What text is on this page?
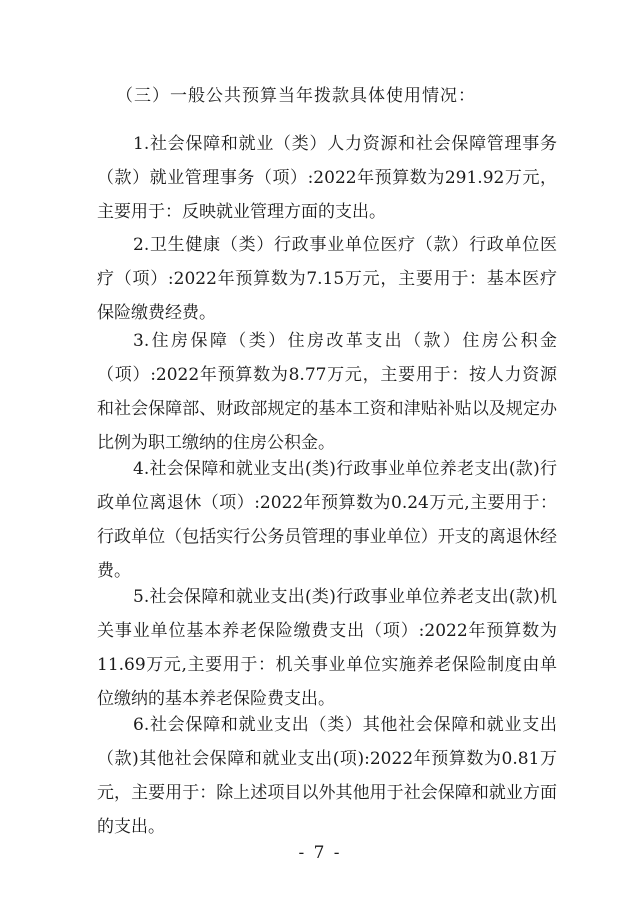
（三）一般公共预算当年拨款具体使用情况：

1.社会保障和就业（类）人力资源和社会保障管理事务（款）就业管理事务（项）:2022年预算数为291.92万元，主要用于：反映就业管理方面的支出。

2.卫生健康（类）行政事业单位医疗（款）行政单位医疗（项）:2022年预算数为7.15万元，主要用于：基本医疗保险缴费经费。

3.住房保障（类）住房改革支出（款）住房公积金（项）:2022年预算数为8.77万元，主要用于：按人力资源和社会保障部、财政部规定的基本工资和津贴补贴以及规定办比例为职工缴纳的住房公积金。

4.社会保障和就业支出(类)行政事业单位养老支出(款)行政单位离退休（项）:2022年预算数为0.24万元,主要用于：行政单位（包括实行公务员管理的事业单位）开支的离退休经费。

5.社会保障和就业支出(类)行政事业单位养老支出(款)机关事业单位基本养老保险缴费支出（项）:2022年预算数为11.69万元,主要用于：机关事业单位实施养老保险制度由单位缴纳的基本养老保险费支出。

6.社会保障和就业支出（类）其他社会保障和就业支出（款)其他社会保障和就业支出(项):2022年预算数为0.81万元，主要用于：除上述项目以外其他用于社会保障和就业方面的支出。

- 7 -
